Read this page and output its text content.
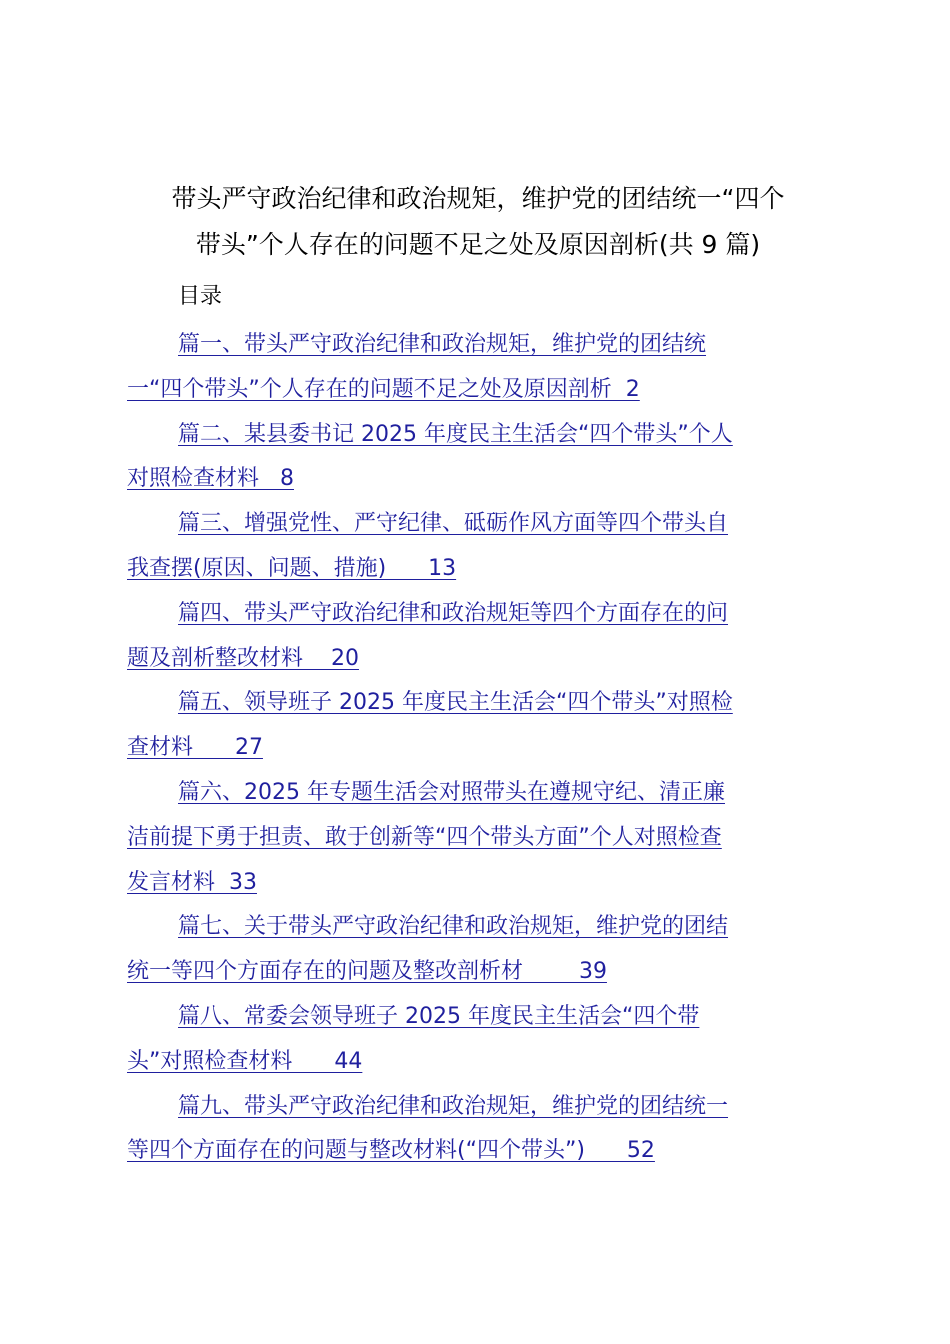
带头严守政治纪律和政治规矩，维护党的团结统一“四个
带头”个人存在的问题不足之处及原因剖析(共 9 篇)
目录
篇一、带头严守政治纪律和政治规矩，维护党的团结统
一“四个带头”个人存在的问题不足之处及原因剖析  2
篇二、某县委书记 2025 年度民主生活会“四个带头”个人
对照检查材料   8
篇三、增强党性、严守纪律、砥砺作风方面等四个带头自
我查摆(原因、问题、措施)      13
篇四、带头严守政治纪律和政治规矩等四个方面存在的问
题及剖析整改材料    20
篇五、领导班子 2025 年度民主生活会“四个带头”对照检
查材料      27
篇六、2025 年专题生活会对照带头在遵规守纪、清正廉
洁前提下勇于担责、敢于创新等“四个带头方面”个人对照检查
发言材料  33
篇七、关于带头严守政治纪律和政治规矩，维护党的团结
统一等四个方面存在的问题及整改剖析材        39
篇八、常委会领导班子 2025 年度民主生活会“四个带
头”对照检查材料      44
篇九、带头严守政治纪律和政治规矩，维护党的团结统一
等四个方面存在的问题与整改材料(“四个带头”)      52
